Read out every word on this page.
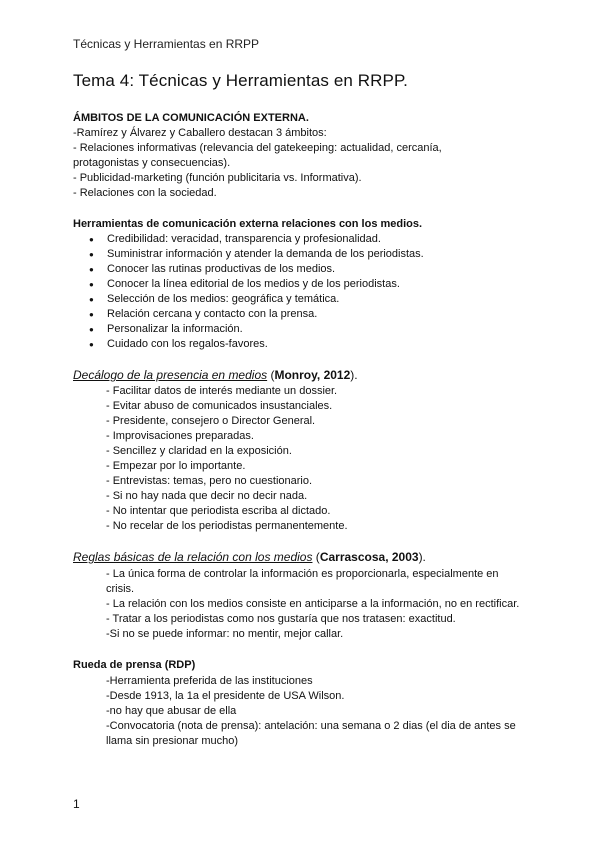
Técnicas y Herramientas en RRPP
Tema 4: Técnicas y Herramientas en RRPP.
ÁMBITOS DE LA COMUNICACIÓN EXTERNA.
-Ramírez y Álvarez y Caballero destacan 3 ámbitos:
- Relaciones informativas (relevancia del gatekeeping: actualidad, cercanía,
protagonistas y consecuencias).
- Publicidad-marketing (función publicitaria vs. Informativa).
- Relaciones con la sociedad.
Herramientas de comunicación externa relaciones con los medios.
● Credibilidad: veracidad, transparencia y profesionalidad.
● Suministrar información y atender la demanda de los periodistas.
● Conocer las rutinas productivas de los medios.
● Conocer la línea editorial de los medios y de los periodistas.
● Selección de los medios: geográfica y temática.
● Relación cercana y contacto con la prensa.
● Personalizar la información.
● Cuidado con los regalos-favores.
Decálogo de la presencia en medios (Monroy, 2012).
- Facilitar datos de interés mediante un dossier.
- Evitar abuso de comunicados insustanciales.
- Presidente, consejero o Director General.
- Improvisaciones preparadas.
- Sencillez y claridad en la exposición.
- Empezar por lo importante.
- Entrevistas: temas, pero no cuestionario.
- Si no hay nada que decir no decir nada.
- No intentar que periodista escriba al dictado.
- No recelar de los periodistas permanentemente.
Reglas básicas de la relación con los medios (Carrascosa, 2003).
- La única forma de controlar la información es proporcionarla, especialmente en
crisis.
- La relación con los medios consiste en anticiparse a la información, no en rectificar.
- Tratar a los periodistas como nos gustaría que nos tratasen: exactitud.
-Si no se puede informar: no mentir, mejor callar.
Rueda de prensa (RDP)
-Herramienta preferida de las instituciones
-Desde 1913, la 1a el presidente de USA Wilson.
-no hay que abusar de ella
-Convocatoria (nota de prensa): antelación: una semana o 2 dias (el dia de antes se
llama sin presionar mucho)
1
